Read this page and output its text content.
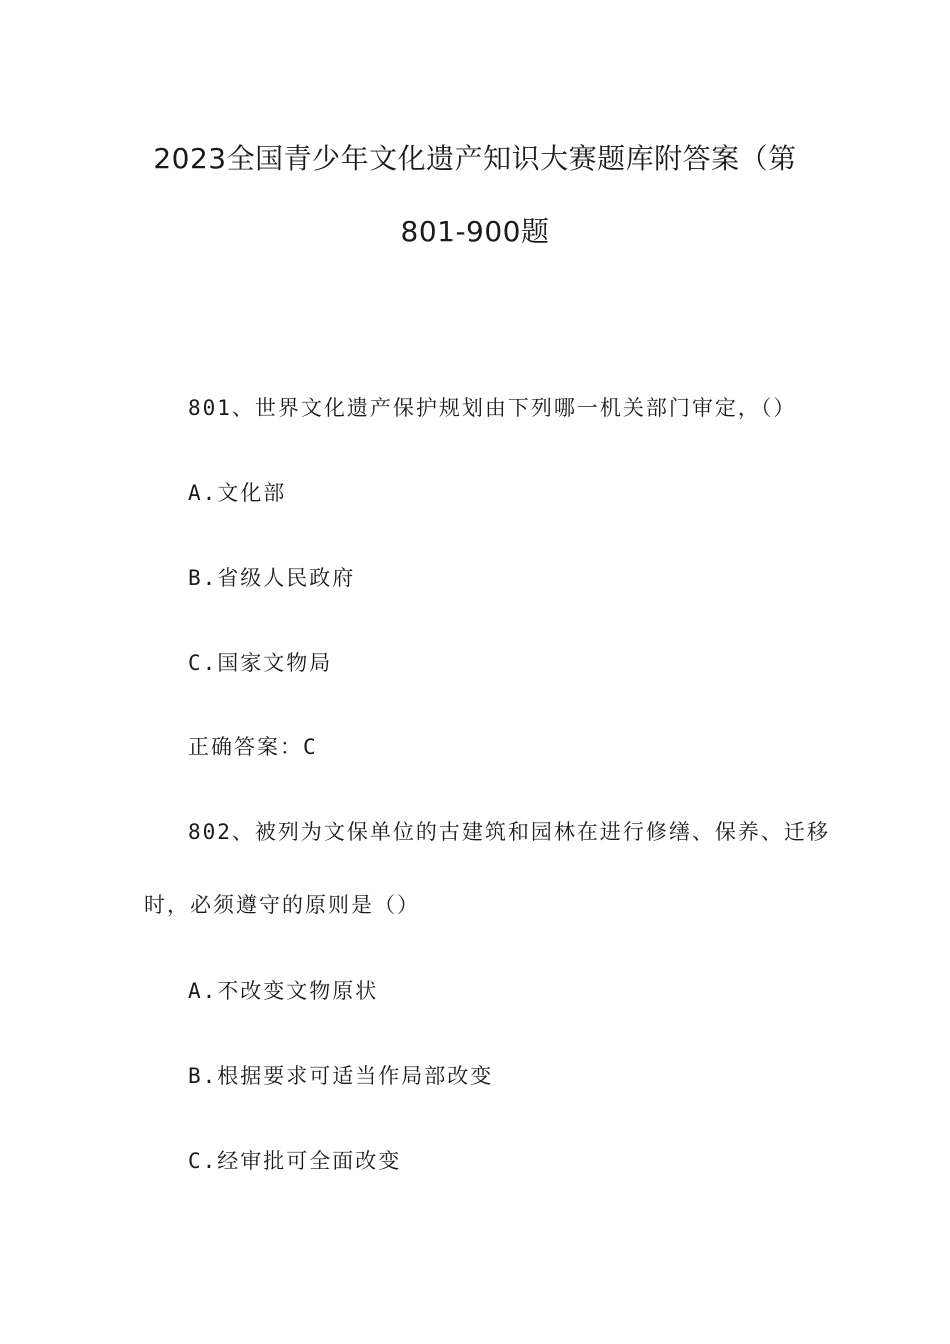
2023全国青少年文化遗产知识大赛题库附答案（第
801-900题
801、世界文化遗产保护规划由下列哪一机关部门审定，（）
A.文化部
B.省级人民政府
C.国家文物局
正确答案：C
802、被列为文保单位的古建筑和园林在进行修缮、保养、迁移
时，必须遵守的原则是（）
A.不改变文物原状
B.根据要求可适当作局部改变
C.经审批可全面改变
